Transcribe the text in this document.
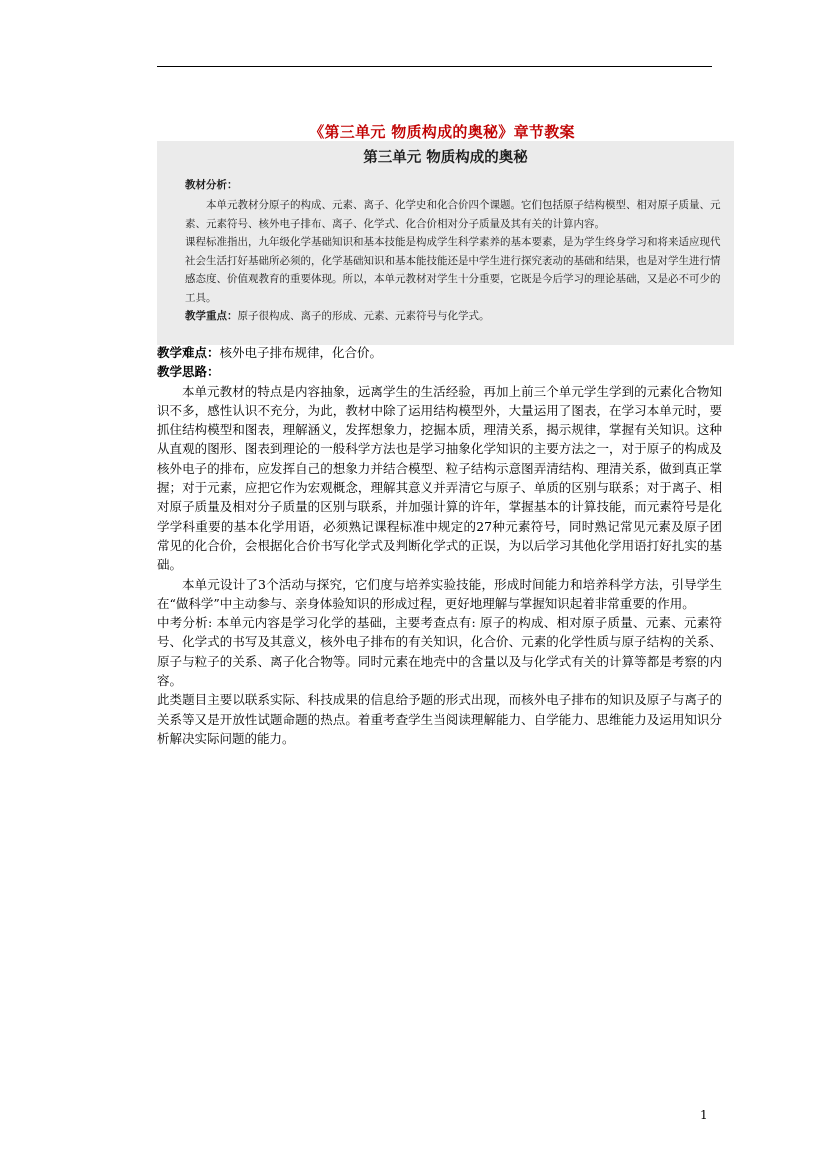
《第三单元 物质构成的奥秘》章节教案
第三单元 物质构成的奥秘
教材分析：

本单元教材分原子的构成、元素、离子、化学史和化合价四个课题。它们包括原子结构模型、相对原子质量、元素、元素符号、核外电子排布、离子、化学式、化合价相对分子质量及其有关的计算内容。

课程标准指出，九年级化学基础知识和基本技能是构成学生科学素养的基本要素，是为学生终身学习和将来适应现代社会生活打好基础所必须的，化学基础知识和基本能技能还是中学生进行探究袤动的基础和结果，也是对学生进行情感态度、价值观教育的重要体现。所以，本单元教材对学生十分重要，它既是今后学习的理论基础，又是必不可少的工具。

教学重点：原子很构成、离子的形成、元素、元素符号与化学式。

教学难点：核外电子排布规律，化合价。

教学思路：

本单元教材的特点是内容抽象，远离学生的生活经验，再加上前三个单元学生学到的元素化合物知识不多，感性认识不充分，为此，教材中除了运用结构模型外，大量运用了图表，在学习本单元时，要抓住结构模型和图表，理解涵义，发挥想象力，挖掘本质，理清关系，揭示规律，掌握有关知识。这种从直观的图形、图表到理论的一般科学方法也是学习抽象化学知识的主要方法之一，对于原子的构成及核外电子的排布，应发挥自己的想象力并结合模型、粒子结构示意图弄清结构、理清关系，做到真正掌握；对于元素，应把它作为宏观概念，理解其意义并弄清它与原子、单质的区别与联系；对于离子、相对原子质量及相对分子质量的区别与联系，并加强计算的许年，掌握基本的计算技能，而元素符号是化学学科重要的基本化学用语，必须熟记课程标准中规定的27种元素符号，同时熟记常见元素及原子团常见的化合价，会根据化合价书写化学式及判断化学式的正误，为以后学习其他化学用语打好扎实的基础。

本单元设计了3个活动与探究，它们度与培养实验技能，形成时间能力和培养科学方法，引导学生在“做科学”中主动参与、亲身体验知识的形成过程，更好地理解与掌握知识起着非常重要的作用。

中考分析: 本单元内容是学习化学的基础，主要考查点有: 原子的构成、相对原子质量、元素、元素符号、化学式的书写及其意义，核外电子排布的有关知识，化合价、元素的化学性质与原子结构的关系、原子与粒子的关系、离子化合物等。同时元素在地壳中的含量以及与化学式有关的计算等都是考察的内容。

此类题目主要以联系实际、科技成果的信息给予题的形式出现，而核外电子排布的知识及原子与离子的关系等又是开放性试题命题的热点。着重考查学生当阅读理解能力、自学能力、思维能力及运用知识分析解决实际问题的能力。

1
